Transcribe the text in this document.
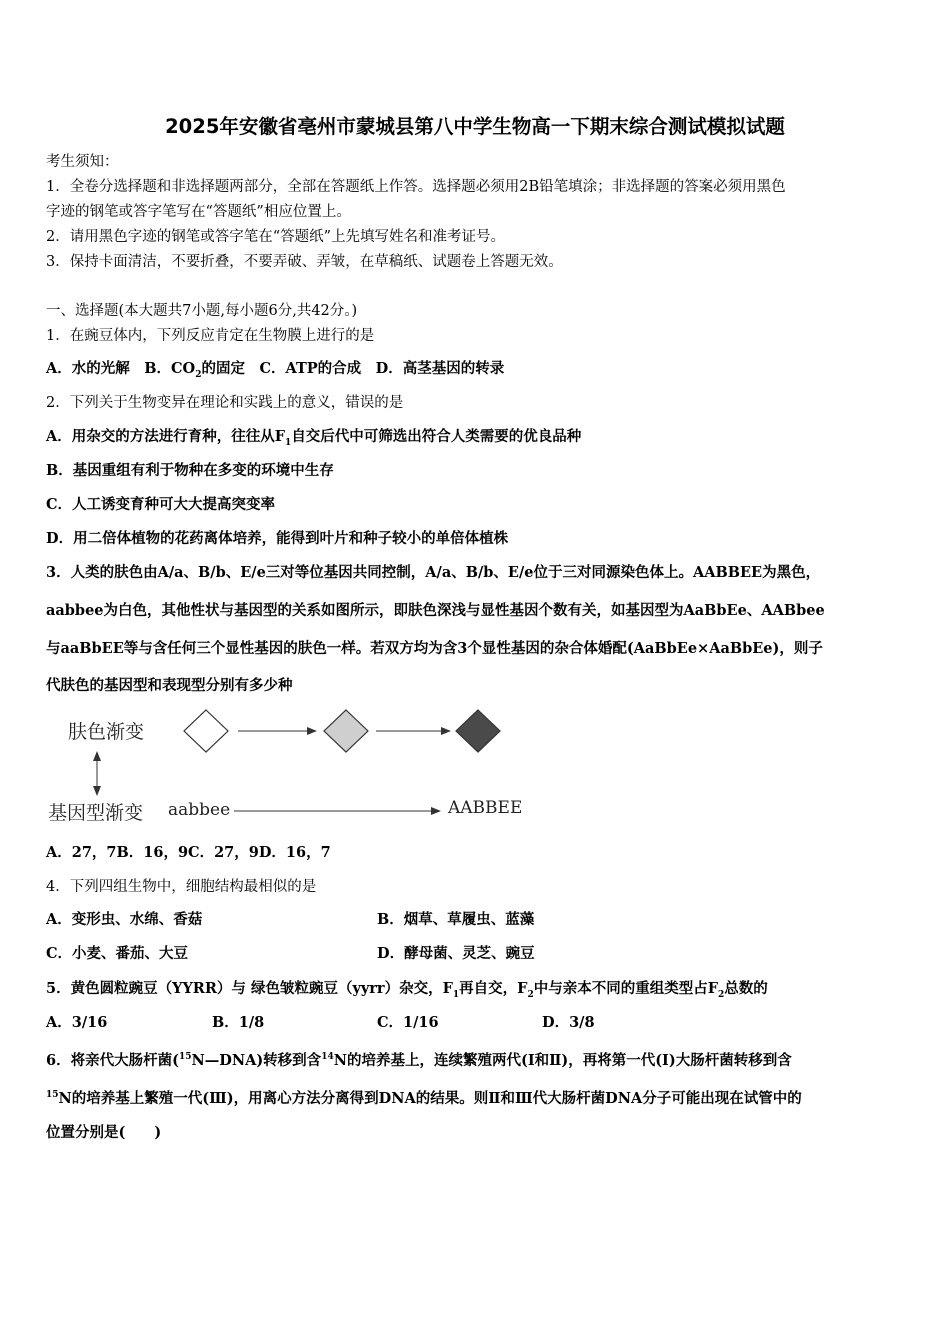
2025年安徽省亳州市蒙城县第八中学生物高一下期末综合测试模拟试题
考生须知：
1．全卷分选择题和非选择题两部分，全部在答题纸上作答。选择题必须用2B铅笔填涂；非选择题的答案必须用黑色
字迹的钢笔或答字笔写在“答题纸”相应位置上。
2．请用黑色字迹的钢笔或答字笔在“答题纸”上先填写姓名和准考证号。
3．保持卡面清洁，不要折叠，不要弄破、弄皱，在草稿纸、试题卷上答题无效。
一、选择题(本大题共7小题,每小题6分,共42分。)
1．在豌豆体内，下列反应肯定在生物膜上进行的是
A．水的光解　B．$CO_2$的固定　C．ATP的合成　D．高茎基因的转录
2．下列关于生物变异在理论和实践上的意义，错误的是
A．用杂交的方法进行育种，往往从$F_1$自交后代中可筛选出符合人类需要的优良品种
B．基因重组有利于物种在多变的环境中生存
C．人工诱变育种可大大提高突变率
D．用二倍体植物的花药离体培养，能得到叶片和种子较小的单倍体植株
3．人类的肤色由A/a、B/b、E/e三对等位基因共同控制，A/a、B/b、E/e位于三对同源染色体上。AABBEE为黑色，
aabbee为白色，其他性状与基因型的关系如图所示，即肤色深浅与显性基因个数有关，如基因型为AaBbEe、AABbee
与aaBbEE等与含任何三个显性基因的肤色一样。若双方均为含3个显性基因的杂合体婚配(AaBbEe×AaBbEe)，则子
代肤色的基因型和表现型分别有多少种
肤色渐变
基因型渐变 aabbee	AABBEE
A．27，7B．16，9C．27，9D．16，7
4．下列四组生物中，细胞结构最相似的是
A．变形虫、水绵、香菇	B．烟草、草履虫、蓝藻
C．小麦、番茄、大豆	D．酵母菌、灵芝、豌豆
5．黄色圆粒豌豆（YYRR）与 绿色皱粒豌豆（yyrr）杂交，$F_1$再自交，$F_2$中与亲本不同的重组类型占$F_2$总数的
A．3/16	B．1/8	C．1/16	D．3/8
6．将亲代大肠杆菌($^{15}$N—DNA)转移到含$^{14}$N的培养基上，连续繁殖两代(Ⅰ和Ⅱ)，再将第一代(Ⅰ)大肠杆菌转移到含
$^{15}$N的培养基上繁殖一代(Ⅲ)，用离心方法分离得到DNA的结果。则Ⅱ和Ⅲ代大肠杆菌DNA分子可能出现在试管中的
位置分别是(　　)
